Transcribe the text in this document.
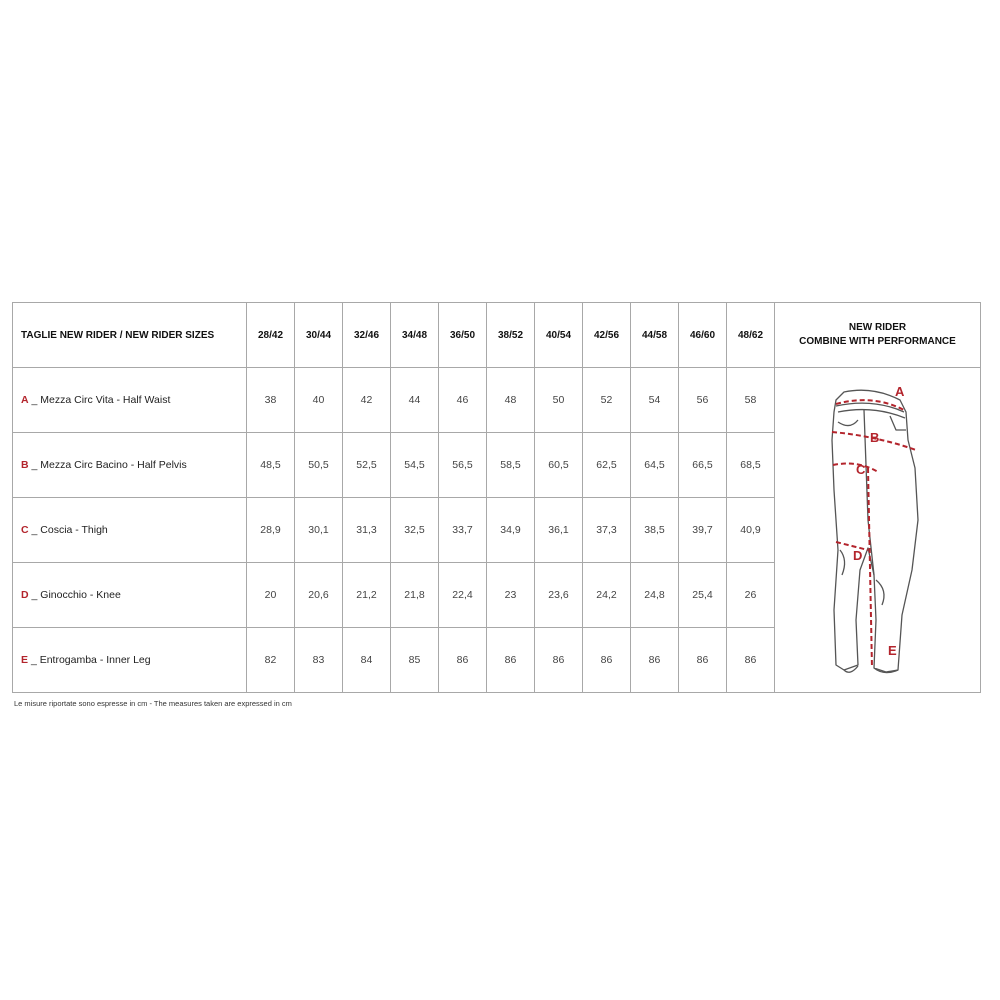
TAGLIE NEW RIDER / NEW RIDER SIZES	28/42	30/44	32/46	34/48	36/50	38/52	40/54	42/56	44/58	46/60	48/62	NEW RIDER
COMBINE WITH PERFORMANCE
A _ Mezza Circ Vita - Half Waist	38	40	42	44	46	48	50	52	54	56	58	A
B
C
D
E

B _ Mezza Circ Bacino - Half Pelvis	48,5	50,5	52,5	54,5	56,5	58,5	60,5	62,5	64,5	66,5	68,5	
C _ Coscia - Thigh	28,9	30,1	31,3	32,5	33,7	34,9	36,1	37,3	38,5	39,7	40,9	
D _ Ginocchio - Knee	20	20,6	21,2	21,8	22,4	23	23,6	24,2	24,8	25,4	26	
E _ Entrogamba - Inner Leg	82	83	84	85	86	86	86	86	86	86	86	
Le misure riportate sono espresse in cm - The measures taken are expressed in cm
